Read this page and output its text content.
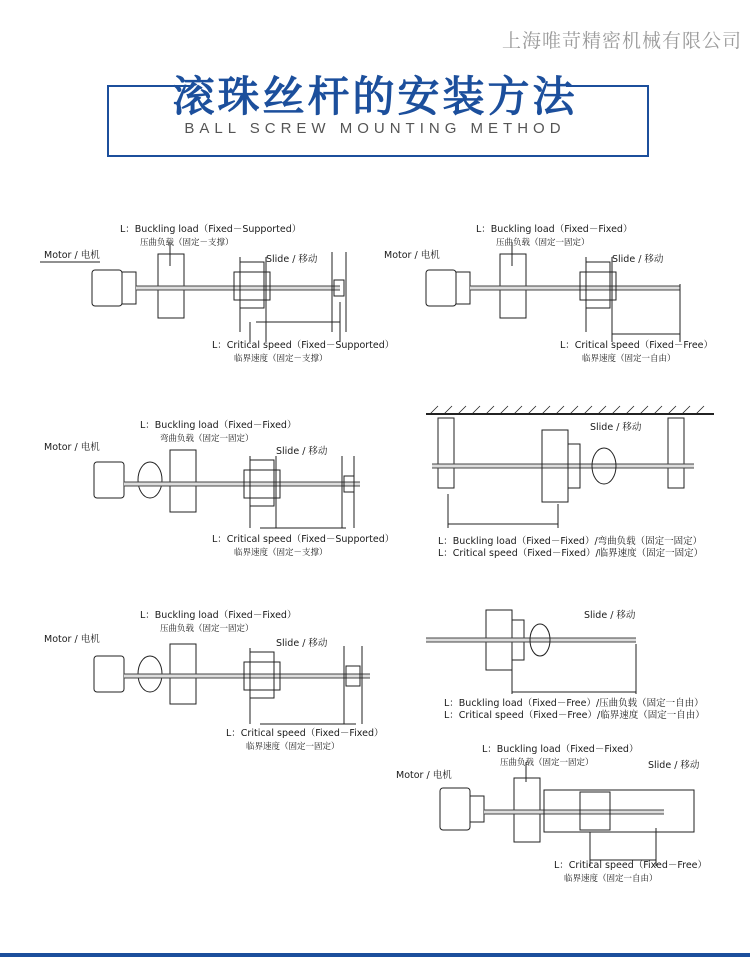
上海唯苛精密机械有限公司
滚珠丝杆的安装方法
BALL SCREW MOUNTING METHOD
L：Buckling load（Fixed－Supported）
压曲负载（固定－支撑）
Motor / 电机	Slide / 移动
L：Critical speed（Fixed－Supported）
临界速度（固定－支撑）
L：Buckling load（Fixed－Fixed）
压曲负载（固定一固定）
Motor / 电机	Slide / 移动
L：Critical speed（Fixed－Free）
临界速度（固定一自由）
L：Buckling load（Fixed－Fixed）
弯曲负载（固定一固定）
Motor / 电机	Slide / 移动
L：Critical speed（Fixed－Supported）
临界速度（固定－支撑）
Slide / 移动
L：Buckling load（Fixed－Fixed）/弯曲负载（固定一固定）
L：Critical speed（Fixed－Fixed）/临界速度（固定一固定）
L：Buckling load（Fixed－Fixed）
压曲负载（固定一固定）
Motor / 电机	Slide / 移动
L：Critical speed（Fixed－Fixed）
临界速度（固定一固定）
Slide / 移动
L：Buckling load（Fixed－Free）/压曲负载（固定一自由）
L：Critical speed（Fixed－Free）/临界速度（固定一自由）
L：Buckling load（Fixed－Fixed）
压曲负载（固定一固定）
Motor / 电机
Slide / 移动
L：Critical speed（Fixed－Free）
临界速度（固定一自由）
